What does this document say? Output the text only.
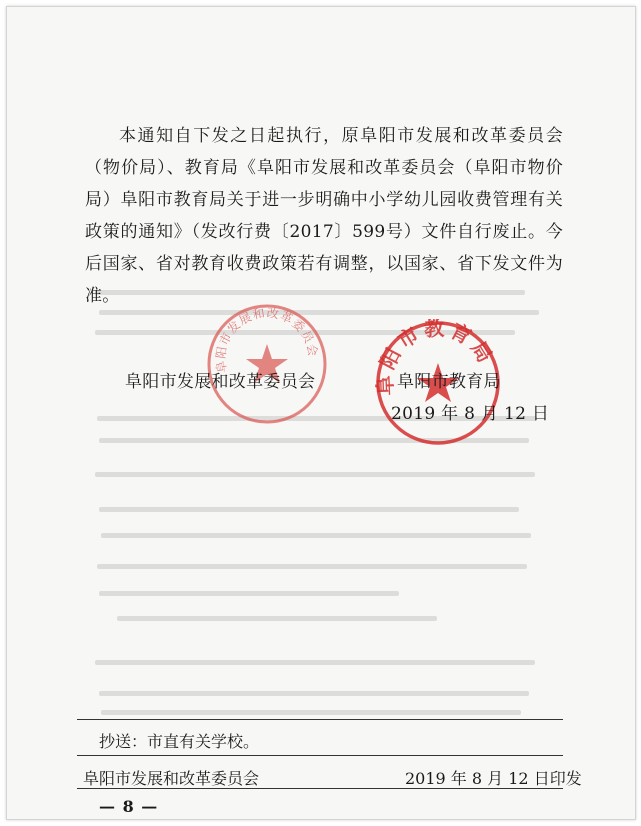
阜阳市发展和改革委员会
阜阳市教育局

本通知自下发之日起执行，原阜阳市发展和改革委员会（物价局）、教育局《阜阳市发展和改革委员会（阜阳市物价局）阜阳市教育局关于进一步明确中小学幼儿园收费管理有关政策的通知》（发改行费〔2017〕599号）文件自行废止。今后国家、省对教育收费政策若有调整，以国家、省下发文件为准。

阜阳市发展和改革委员会	阜阳市教育局
2019 年 8 月 12 日
抄送：市直有关学校。
阜阳市发展和改革委员会	2019 年 8 月 12 日印发
— 8 —
